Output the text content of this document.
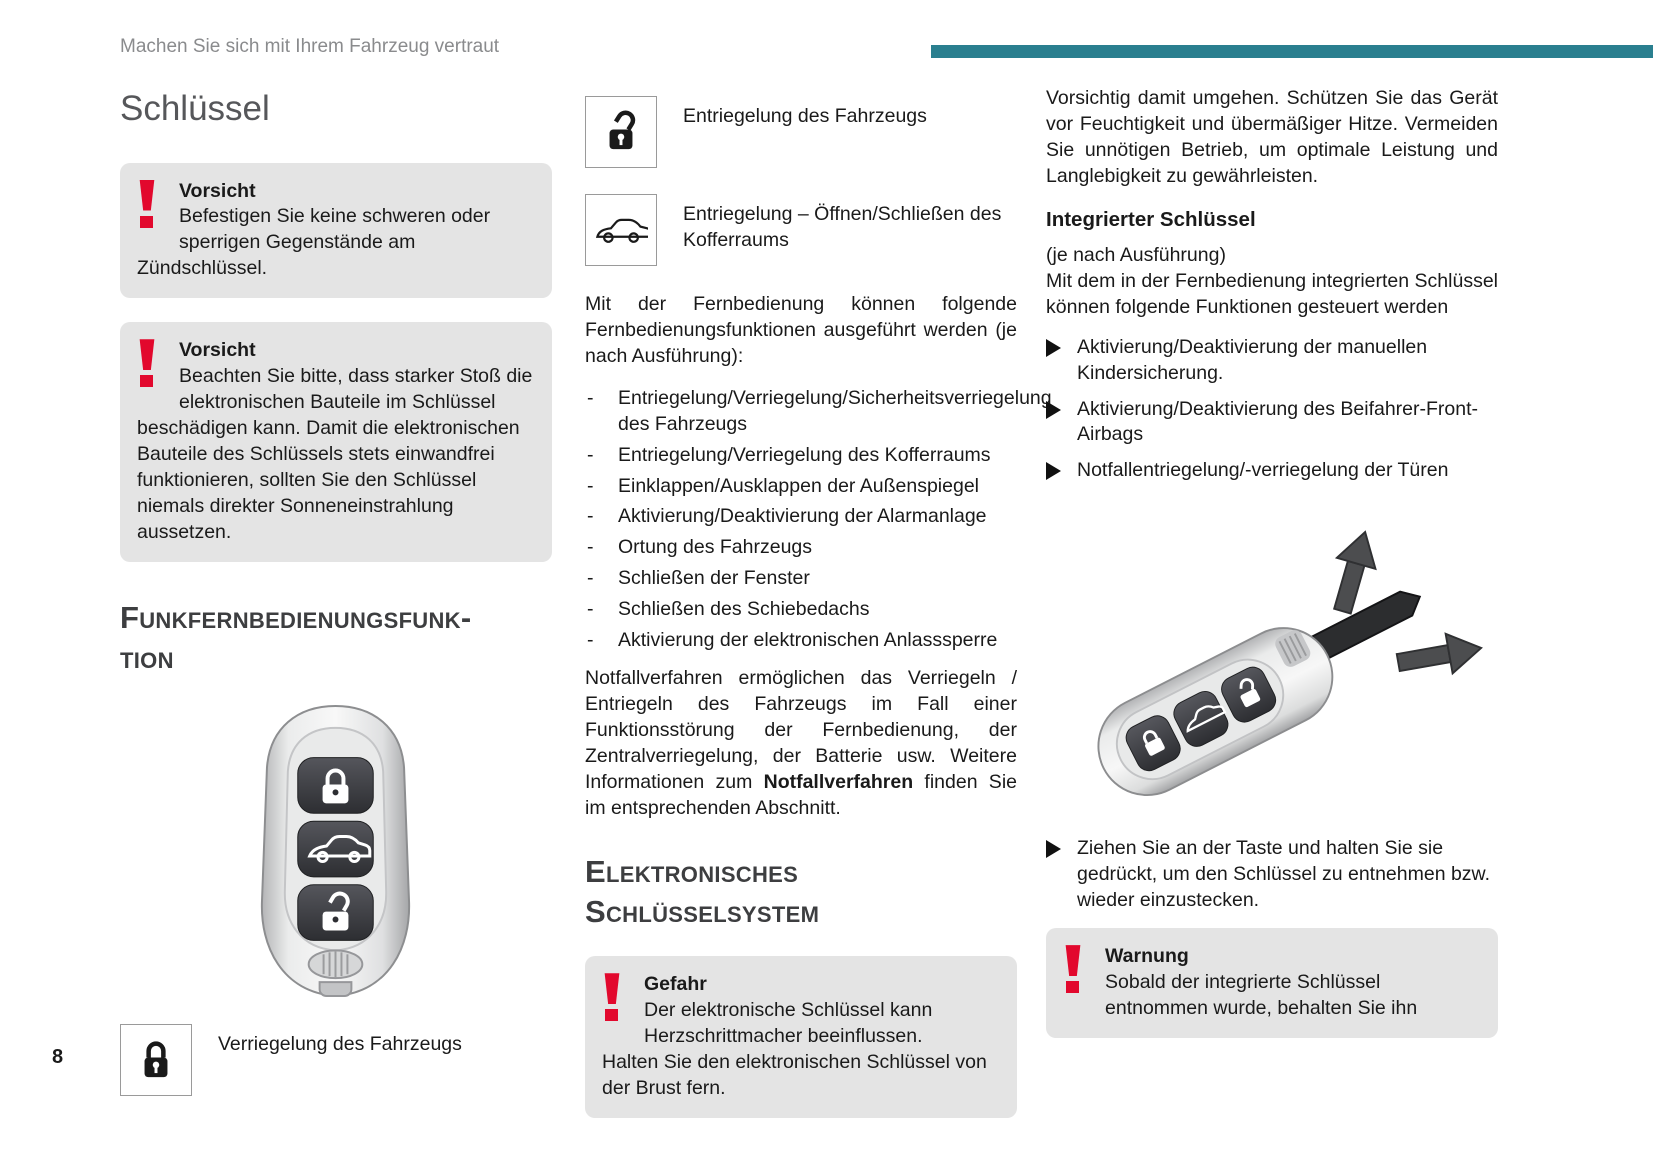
Machen Sie sich mit Ihrem Fahrzeug vertraut
Schlüssel
Vorsicht
Befestigen Sie keine schweren oder sperrigen Gegenstände am Zündschlüssel.
Vorsicht
Beachten Sie bitte, dass starker Stoß die elektronischen Bauteile im Schlüssel beschädigen kann. Damit die elektronischen Bauteile des Schlüssels stets einwandfrei funktionieren, sollten Sie den Schlüssel niemals direkter Sonneneinstrahlung aussetzen.
Funkfernbedienungsfunk-
tion
Verriegelung des Fahrzeugs
Entriegelung des Fahrzeugs
Entriegelung – Öffnen/Schließen des Kofferraums

Mit der Fernbedienung können folgende Fernbedienungsfunktionen ausgeführt werden (je nach Ausführung):

- Entriegelung/Verriegelung/Sicherheitsverriegelung des Fahrzeugs
- Entriegelung/Verriegelung des Kofferraums
- Einklappen/Ausklappen der Außenspiegel
- Aktivierung/Deaktivierung der Alarmanlage
- Ortung des Fahrzeugs
- Schließen der Fenster
- Schließen des Schiebedachs
- Aktivierung der elektronischen Anlasssperre

Notfallverfahren ermöglichen das Verriegeln / Entriegeln des Fahrzeugs im Fall einer Funktionsstörung der Fernbedienung, der Zentralverriegelung, der Batterie usw. Weitere Informationen zum Notfallverfahren finden Sie im entsprechenden Abschnitt.

Elektronisches
Schlüsselsystem
Gefahr
Der elektronische Schlüssel kann Herzschrittmacher beeinflussen.
Halten Sie den elektronischen Schlüssel von der Brust fern.

Vorsichtig damit umgehen. Schützen Sie das Gerät vor Feuchtigkeit und übermäßiger Hitze. Vermeiden Sie unnötigen Betrieb, um optimale Leistung und Langlebigkeit zu gewährleisten.

Integrierter Schlüssel

(je nach Ausführung)

Mit dem in der Fernbedienung integrierten Schlüssel können folgende Funktionen gesteuert werden

Aktivierung/Deaktivierung der manuellen Kindersicherung.
Aktivierung/Deaktivierung des Beifahrer-Front-Airbags
Notfallentriegelung/-verriegelung der Türen
Ziehen Sie an der Taste und halten Sie sie gedrückt, um den Schlüssel zu entnehmen bzw. wieder einzustecken.
Warnung
Sobald der integrierte Schlüssel entnommen wurde, behalten Sie ihn
8
